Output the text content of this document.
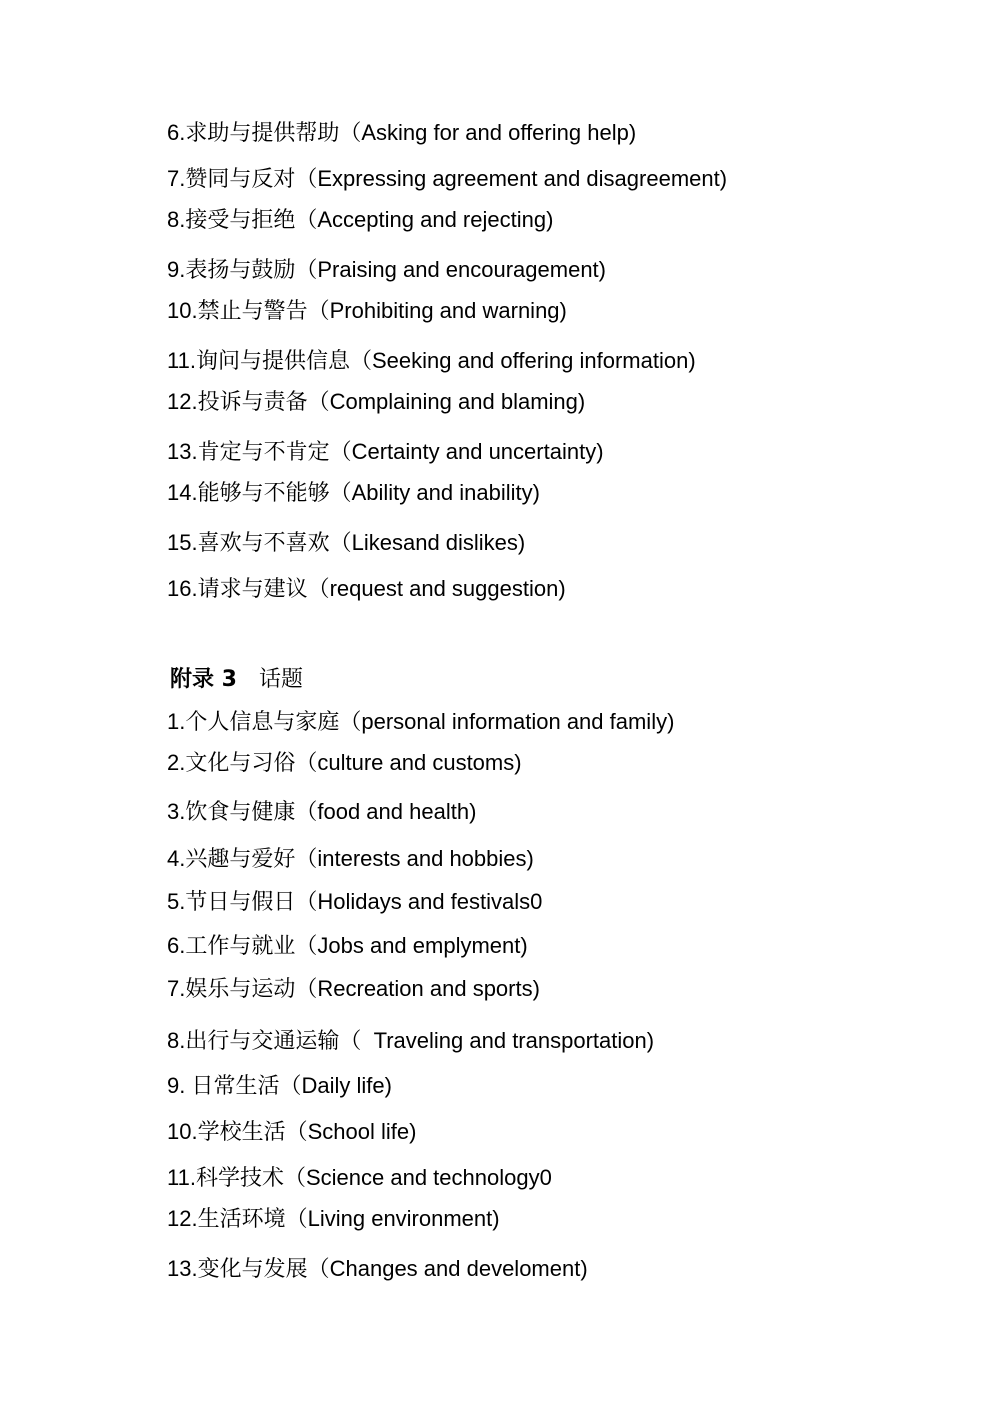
6.求助与提供帮助（Asking for and offering help)
7.赞同与反对（Expressing agreement and disagreement)
8.接受与拒绝（Accepting and rejecting)
9.表扬与鼓励（Praising and encouragement)
10.禁止与警告（Prohibiting and warning)
11.询问与提供信息（Seeking and offering information)
12.投诉与责备（Complaining and blaming)
13.肯定与不肯定（Certainty and uncertainty)
14.能够与不能够（Ability and inability)
15.喜欢与不喜欢（Likesand dislikes)
16.请求与建议（request and suggestion)
附录 3 话题
1.个人信息与家庭（personal information and family)
2.文化与习俗（culture and customs)
3.饮食与健康（food and health)
4.兴趣与爱好（interests and hobbies)
5.节日与假日（Holidays and festivals0
6.工作与就业（Jobs and emplyment)
7.娱乐与运动（Recreation and sports)
8.出行与交通运输（  Traveling and transportation)
9. 日常生活（Daily life)
10.学校生活（School life)
11.科学技术（Science and technology0
12.生活环境（Living environment)
13.变化与发展（Changes and develoment)
